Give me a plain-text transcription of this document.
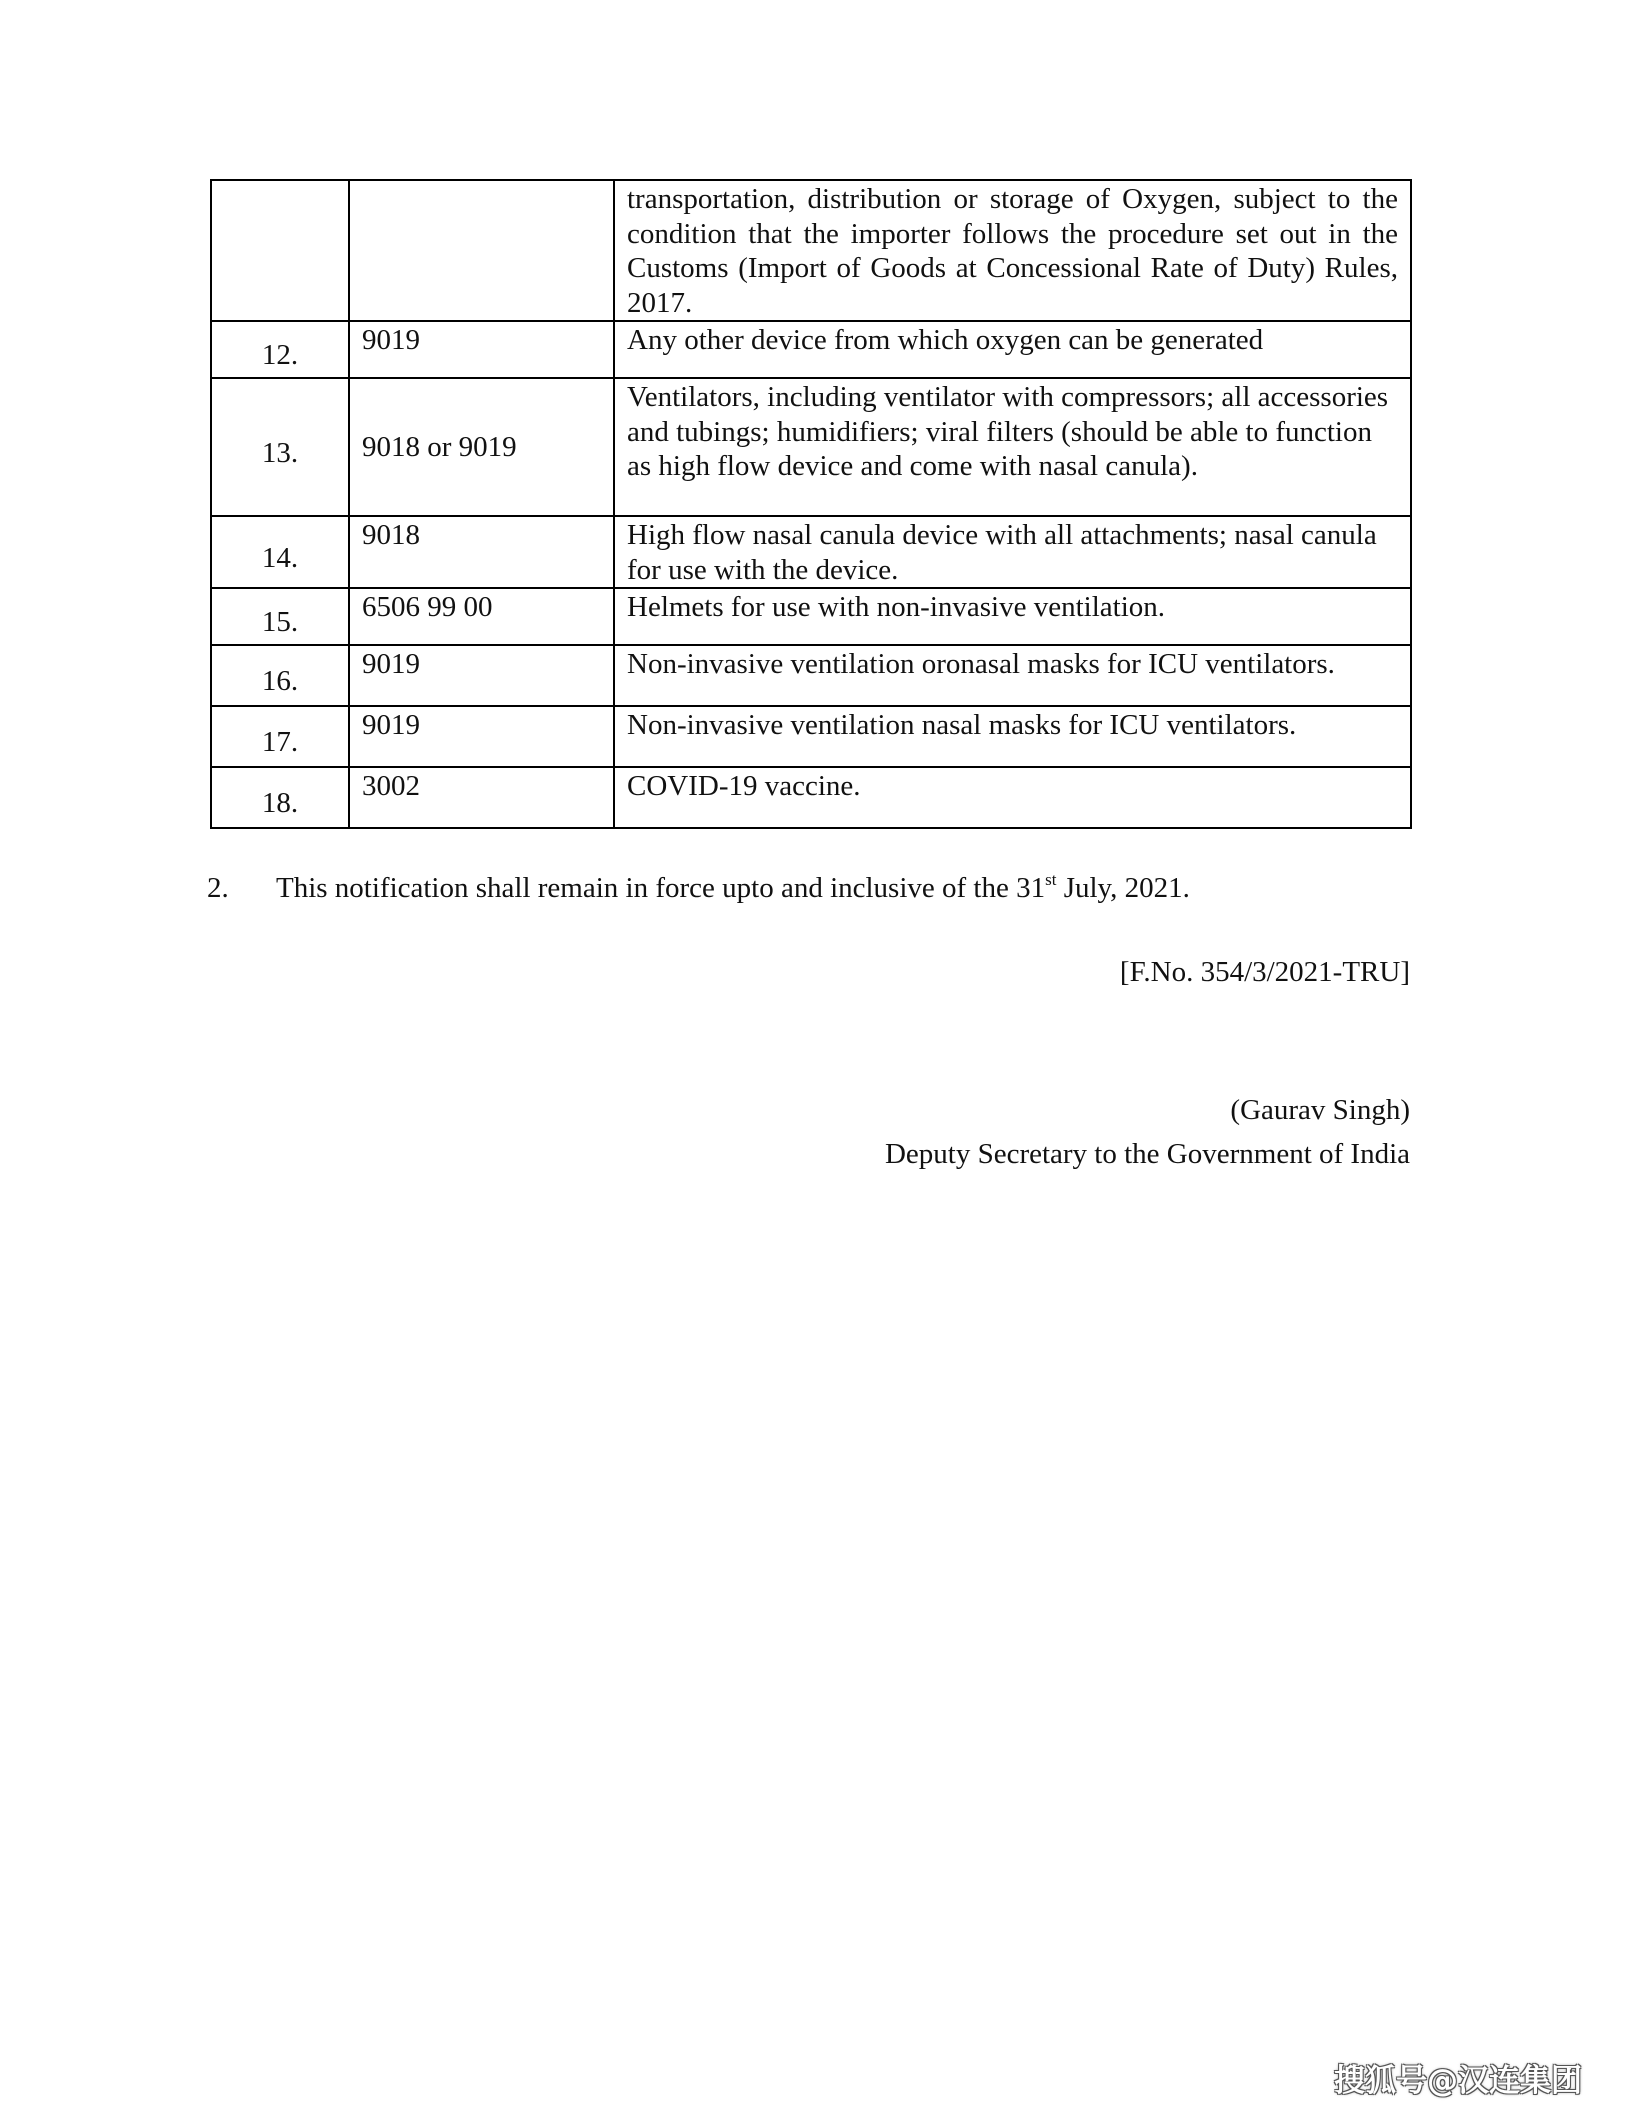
		transportation, distribution or storage of Oxygen, subject to the condition that the importer follows the procedure set out in the Customs (Import of Goods at Concessional Rate of Duty) Rules, 2017.
12.	9019	Any other device from which oxygen can be generated
13.	9018 or 9019	Ventilators, including ventilator with compressors; all accessories and tubings; humidifiers; viral filters (should be able to function as high flow device and come with nasal canula).
14.	9018	High flow nasal canula device with all attachments; nasal canula for use with the device.
15.	6506 99 00	Helmets for use with non-invasive ventilation.
16.	9019	Non-invasive ventilation oronasal masks for ICU ventilators.
17.	9019	Non-invasive ventilation nasal masks for ICU ventilators.
18.	3002	COVID-19 vaccine.
2. This notification shall remain in force upto and inclusive of the 31st July, 2021.
[F.No. 354/3/2021-TRU]
(Gaurav Singh)
Deputy Secretary to the Government of India
搜狐号@汉连集团
